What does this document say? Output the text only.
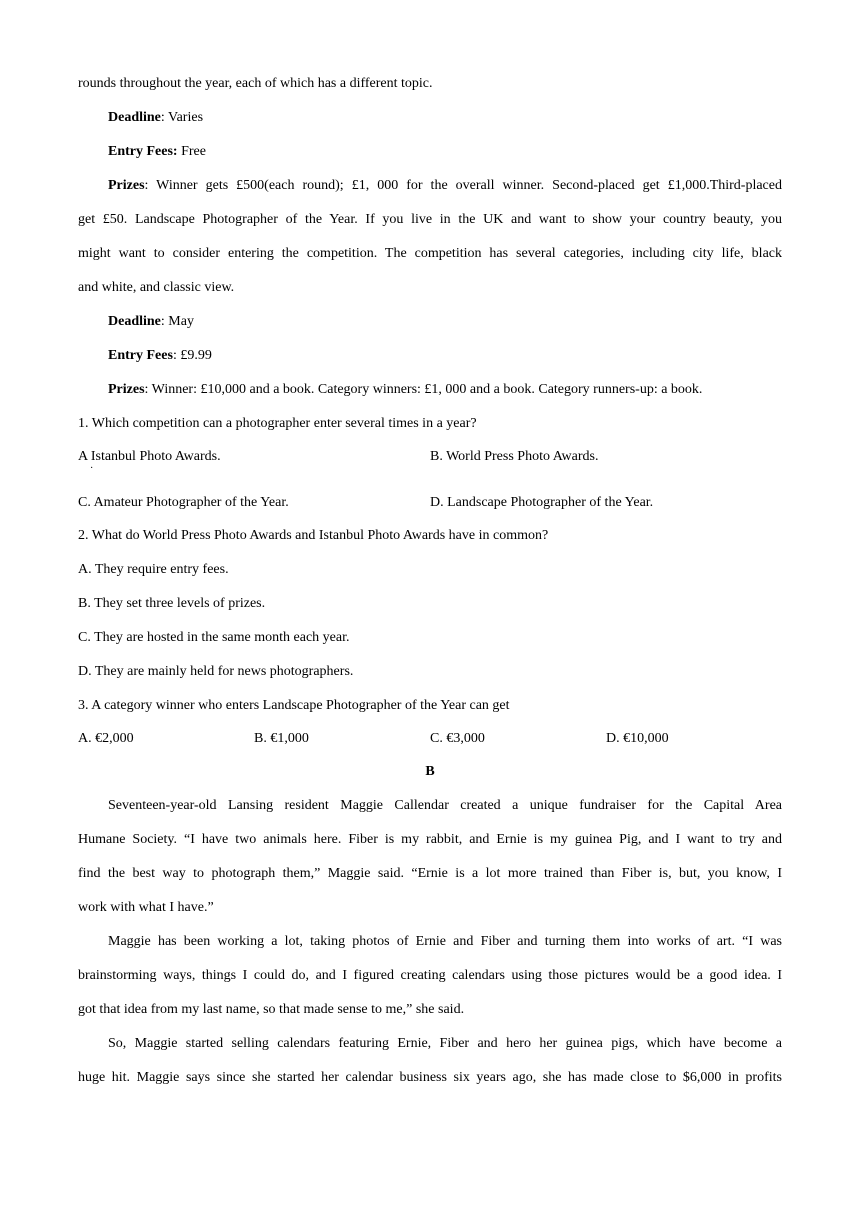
rounds throughout the year, each of which has a different topic.
Deadline: Varies
Entry Fees: Free
Prizes: Winner gets £500(each round); £1, 000 for the overall winner. Second-placed get £1,000.Third-placed
get £50. Landscape Photographer of the Year. If you live in the UK and want to show your country beauty, you
might want to consider entering the competition. The competition has several categories, including city life, black
and white, and classic view.
Deadline: May
Entry Fees: £9.99
Prizes: Winner: £10,000 and a book. Category winners: £1, 000 and a book. Category runners-up: a book.
1. Which competition can a photographer enter several times in a year?
A Istanbul Photo Awards.
·
B. World Press Photo Awards.
C. Amateur Photographer of the Year.	D. Landscape Photographer of the Year.
2. What do World Press Photo Awards and Istanbul Photo Awards have in common?
A. They require entry fees.
B. They set three levels of prizes.
C. They are hosted in the same month each year.
D. They are mainly held for news photographers.
3. A category winner who enters Landscape Photographer of the Year can get
A. €2,000	B. €1,000	C. €3,000	D. €10,000
B
Seventeen-year-old Lansing resident Maggie Callendar created a unique fundraiser for the Capital Area
Humane Society. “I have two animals here. Fiber is my rabbit, and Ernie is my guinea Pig, and I want to try and
find the best way to photograph them,” Maggie said. “Ernie is a lot more trained than Fiber is, but, you know, I
work with what I have.”
Maggie has been working a lot, taking photos of Ernie and Fiber and turning them into works of art. “I was
brainstorming ways, things I could do, and I figured creating calendars using those pictures would be a good idea. I
got that idea from my last name, so that made sense to me,” she said.
So, Maggie started selling calendars featuring Ernie, Fiber and hero her guinea pigs, which have become a
huge hit. Maggie says since she started her calendar business six years ago, she has made close to $6,000 in profits
